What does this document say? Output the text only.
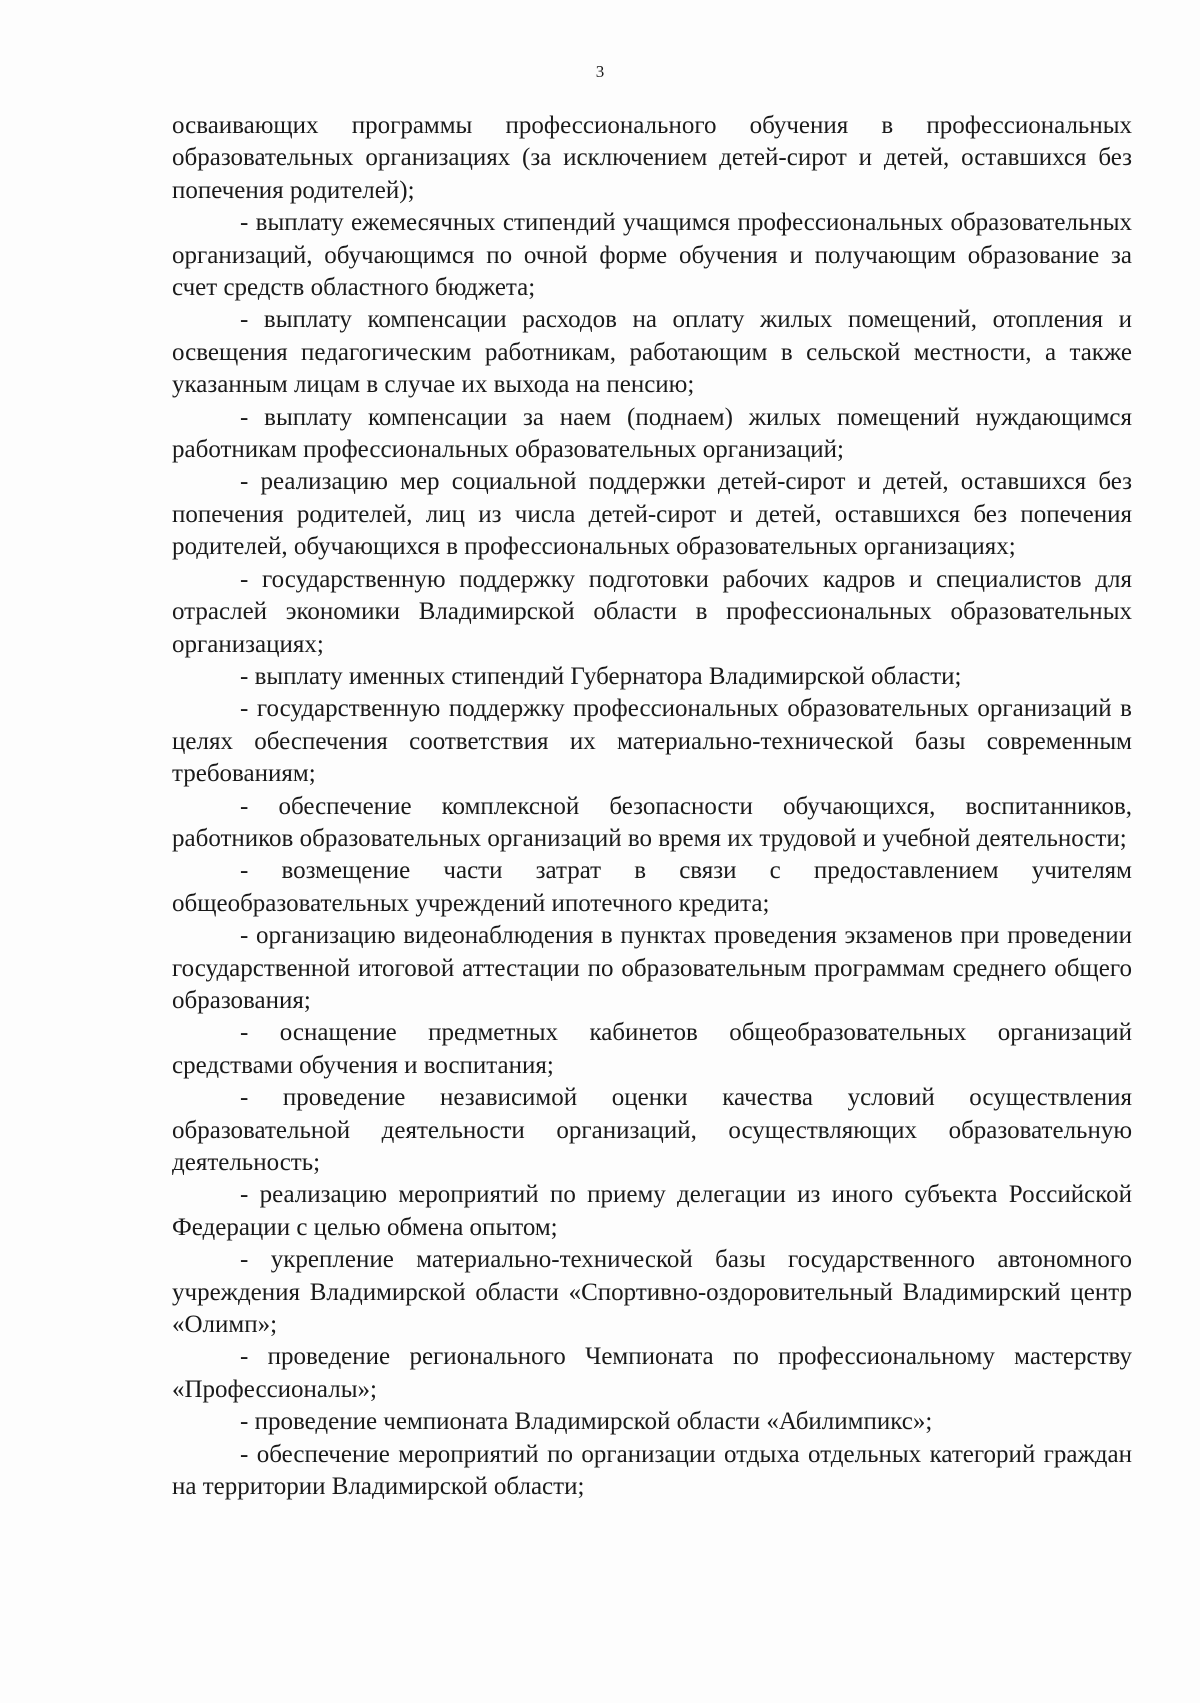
3

осваивающих программы профессионального обучения в профессиональных образовательных организациях (за исключением детей-сирот и детей, оставшихся без попечения родителей);

- выплату ежемесячных стипендий учащимся профессиональных образовательных организаций, обучающимся по очной форме обучения и получающим образование за счет средств областного бюджета;

- выплату компенсации расходов на оплату жилых помещений, отопления и освещения педагогическим работникам, работающим в сельской местности, а также указанным лицам в случае их выхода на пенсию;

- выплату компенсации за наем (поднаем) жилых помещений нуждающимся работникам профессиональных образовательных организаций;

- реализацию мер социальной поддержки детей-сирот и детей, оставшихся без попечения родителей, лиц из числа детей-сирот и детей, оставшихся без попечения родителей, обучающихся в профессиональных образовательных организациях;

- государственную поддержку подготовки рабочих кадров и специалистов для отраслей экономики Владимирской области в профессиональных образовательных организациях;

- выплату именных стипендий Губернатора Владимирской области;

- государственную поддержку профессиональных образовательных организаций в целях обеспечения соответствия их материально-технической базы современным требованиям;

- обеспечение комплексной безопасности обучающихся, воспитанников, работников образовательных организаций во время их трудовой и учебной деятельности;

- возмещение части затрат в связи с предоставлением учителям общеобразовательных учреждений ипотечного кредита;

- организацию видеонаблюдения в пунктах проведения экзаменов при проведении государственной итоговой аттестации по образовательным программам среднего общего образования;

- оснащение предметных кабинетов общеобразовательных организаций средствами обучения и воспитания;

- проведение независимой оценки качества условий осуществления образовательной деятельности организаций, осуществляющих образовательную деятельность;

- реализацию мероприятий по приему делегации из иного субъекта Российской Федерации с целью обмена опытом;

- укрепление материально-технической базы государственного автономного учреждения Владимирской области «Спортивно-оздоровительный Владимирский центр «Олимп»;

- проведение регионального Чемпионата по профессиональному мастерству «Профессионалы»;

- проведение чемпионата Владимирской области «Абилимпикс»;

- обеспечение мероприятий по организации отдыха отдельных категорий граждан на территории Владимирской области;
